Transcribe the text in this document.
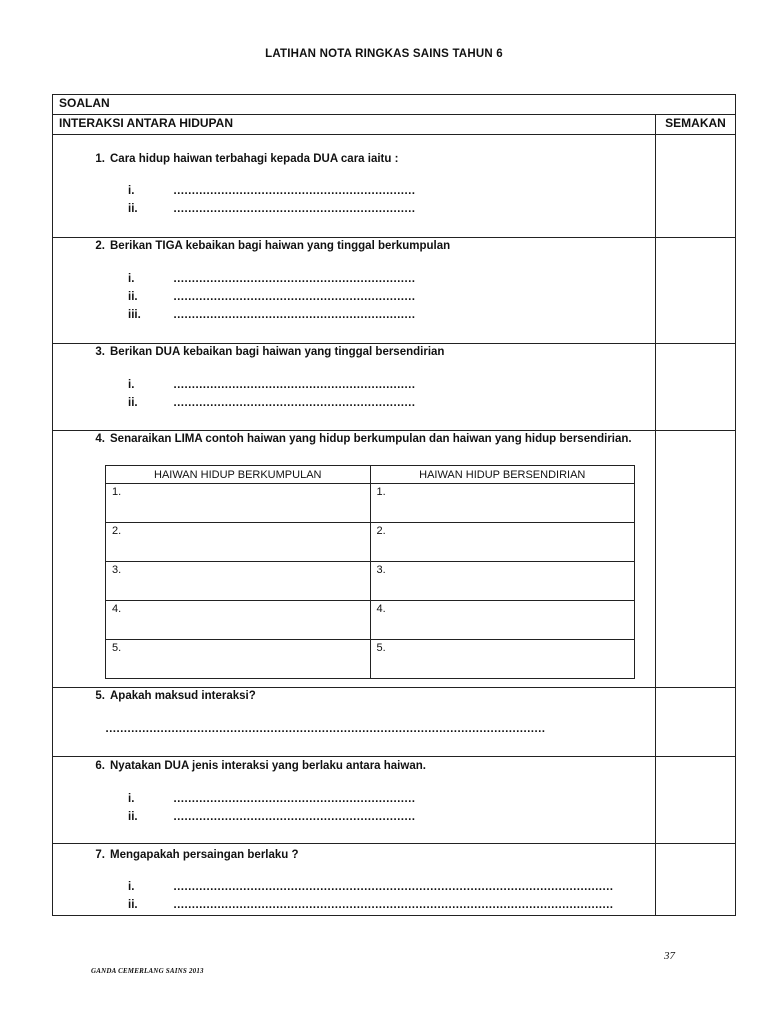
LATIHAN NOTA RINGKAS SAINS TAHUN 6
SOALAN
INTERAKSI ANTARA HIDUPAN	SEMAKAN

1. Cara hidup haiwan terbahagi kepada DUA cara iaitu :
i.	…………………………………………………………
ii.	…………………………………………………………

2. Berikan TIGA kebaikan bagi haiwan yang tinggal berkumpulan
i.	…………………………………………………………
ii.	…………………………………………………………
iii.	…………………………………………………………

3. Berikan DUA kebaikan bagi haiwan yang tinggal bersendirian
i.	…………………………………………………………
ii.	…………………………………………………………

4. Senaraikan LIMA contoh haiwan yang hidup berkumpulan dan haiwan yang hidup bersendirian.
HAIWAN HIDUP BERKUMPULAN	HAIWAN HIDUP BERSENDIRIAN
1.	1.
2.	2.
3.	3.
4.	4.
5.	5.

5. Apakah maksud interaksi?
…………………………………………………………………………………………………………

6. Nyatakan DUA jenis interaksi yang berlaku antara haiwan.
i.	…………………………………………………………
ii.	…………………………………………………………

7. Mengapakah persaingan berlaku ?
i.	…………………………………………………………………………………………………………
ii.	…………………………………………………………………………………………………………

37
GANDA CEMERLANG SAINS 2013
